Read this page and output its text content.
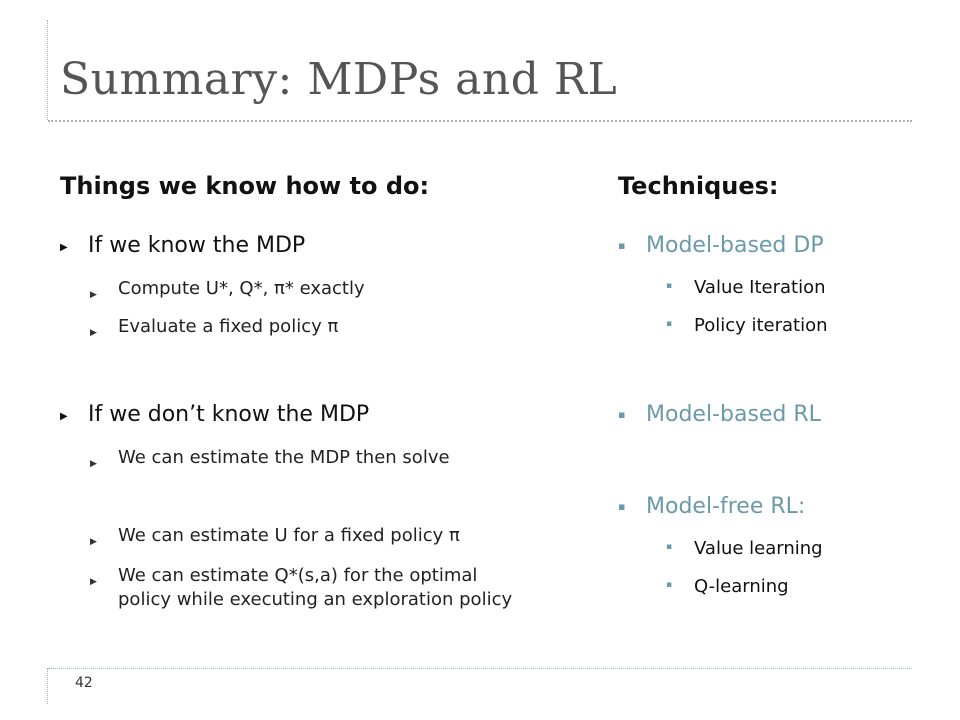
Summary: MDPs and RL
Things we know how to do:
▶ If we know the MDP
▶ Compute U*, Q*, π* exactly
▶ Evaluate a fixed policy π
▶ If we don’t know the MDP
▶ We can estimate the MDP then solve
▶ We can estimate U for a fixed policy π
▶ We can estimate Q*(s,a) for the optimal
policy while executing an exploration policy
Techniques:
▪ Model-based DP
▪ Value Iteration
▪ Policy iteration
▪ Model-based RL
▪ Model-free RL:
▪ Value learning
▪ Q-learning
42
